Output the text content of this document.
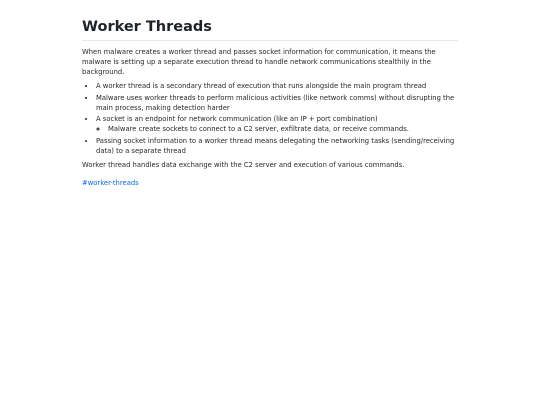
Worker Threads

When malware creates a worker thread and passes socket information for communication, it means the malware is setting up a separate execution thread to handle network communications stealthily in the background.

• A worker thread is a secondary thread of execution that runs alongside the main program thread
• Malware uses worker threads to perform malicious activities (like network comms) without disrupting the main process, making detection harder
• A socket is an endpoint for network communication (like an IP + port combination)
◦ Malware create sockets to connect to a C2 server, exfiltrate data, or receive commands.
• Passing socket information to a worker thread means delegating the networking tasks (sending/receiving data) to a separate thread

Worker thread handles data exchange with the C2 server and execution of various commands.

#worker-threads
